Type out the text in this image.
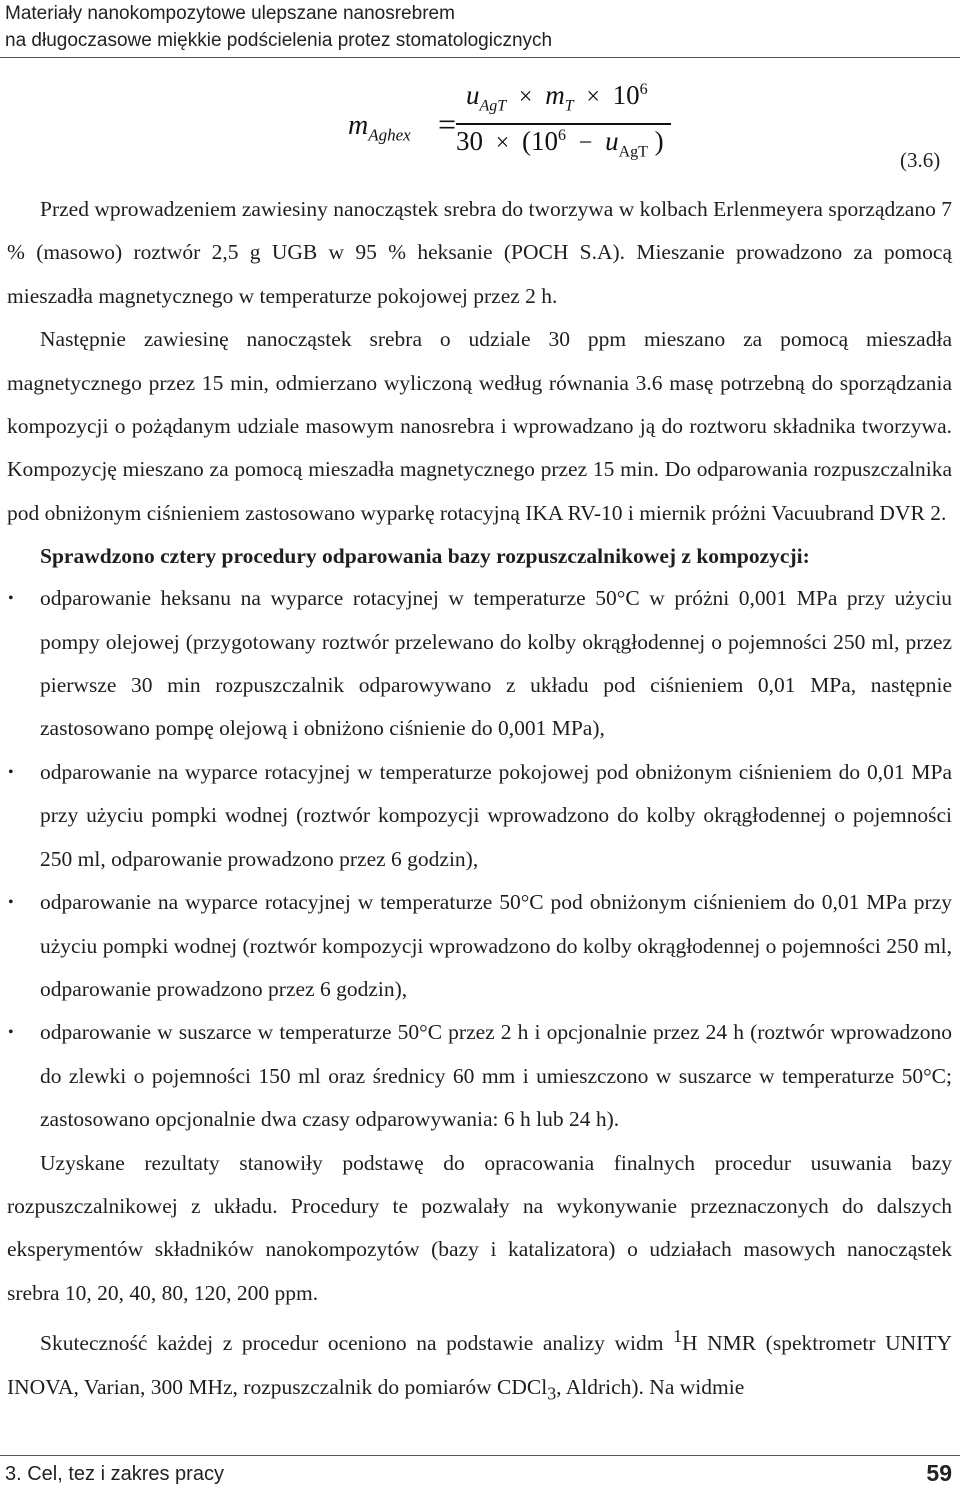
Materiały nanokompozytowe ulepszane nanosrebrem
na długoczasowe miękkie podścielenia protez stomatologicznych
$m_{Aghex}$ =
$u_{AgT} \times m_T \times 10^6$
$30 \times (10^6 - u_{AgT}$ )
(3.6)

Przed wprowadzeniem zawiesiny nanocząstek srebra do tworzywa w kolbach Erlenmeyera sporządzano 7 % (masowo) roztwór 2,5 g UGB w 95 % heksanie (POCH S.A). Mieszanie prowadzono za pomocą mieszadła magnetycznego w temperaturze pokojowej przez 2 h.

Następnie zawiesinę nanocząstek srebra o udziale 30 ppm mieszano za pomocą mieszadła magnetycznego przez 15 min, odmierzano wyliczoną według równania 3.6 masę potrzebną do sporządzania kompozycji o pożądanym udziale masowym nanosrebra i wprowadzano ją do roztworu składnika tworzywa. Kompozycję mieszano za pomocą mieszadła magnetycznego przez 15 min. Do odparowania rozpuszczalnika pod obniżonym ciśnieniem zastosowano wyparkę rotacyjną IKA RV-10 i miernik próżni Vacuubrand DVR 2.

Sprawdzono cztery procedury odparowania bazy rozpuszczalnikowej z kompozycji:
• odparowanie heksanu na wyparce rotacyjnej w temperaturze 50°C w próżni 0,001 MPa przy użyciu pompy olejowej (przygotowany roztwór przelewano do kolby okrągłodennej o pojemności 250 ml, przez pierwsze 30 min rozpuszczalnik odparowywano z układu pod ciśnieniem 0,01 MPa, następnie zastosowano pompę olejową i obniżono ciśnienie do 0,001 MPa),
• odparowanie na wyparce rotacyjnej w temperaturze pokojowej pod obniżonym ciśnieniem do 0,01 MPa przy użyciu pompki wodnej (roztwór kompozycji wprowadzono do kolby okrągłodennej o pojemności 250 ml, odparowanie prowadzono przez 6 godzin),
• odparowanie na wyparce rotacyjnej w temperaturze 50°C pod obniżonym ciśnieniem do 0,01 MPa przy użyciu pompki wodnej (roztwór kompozycji wprowadzono do kolby okrągłodennej o pojemności 250 ml, odparowanie prowadzono przez 6 godzin),
• odparowanie w suszarce w temperaturze 50°C przez 2 h i opcjonalnie przez 24 h (roztwór wprowadzono do zlewki o pojemności 150 ml oraz średnicy 60 mm i umieszczono w suszarce w temperaturze 50°C; zastosowano opcjonalnie dwa czasy odparowywania: 6 h lub 24 h).

Uzyskane rezultaty stanowiły podstawę do opracowania finalnych procedur usuwania bazy rozpuszczalnikowej z układu. Procedury te pozwalały na wykonywanie przeznaczonych do dalszych eksperymentów składników nanokompozytów (bazy i katalizatora) o udziałach masowych nanocząstek srebra 10, 20, 40, 80, 120, 200 ppm.

Skuteczność każdej z procedur oceniono na podstawie analizy widm $^1$H NMR (spektrometr UNITY INOVA, Varian, 300 MHz, rozpuszczalnik do pomiarów CDCl$_3$, Aldrich). Na widmie

3. Cel, tez i zakres pracy	59
